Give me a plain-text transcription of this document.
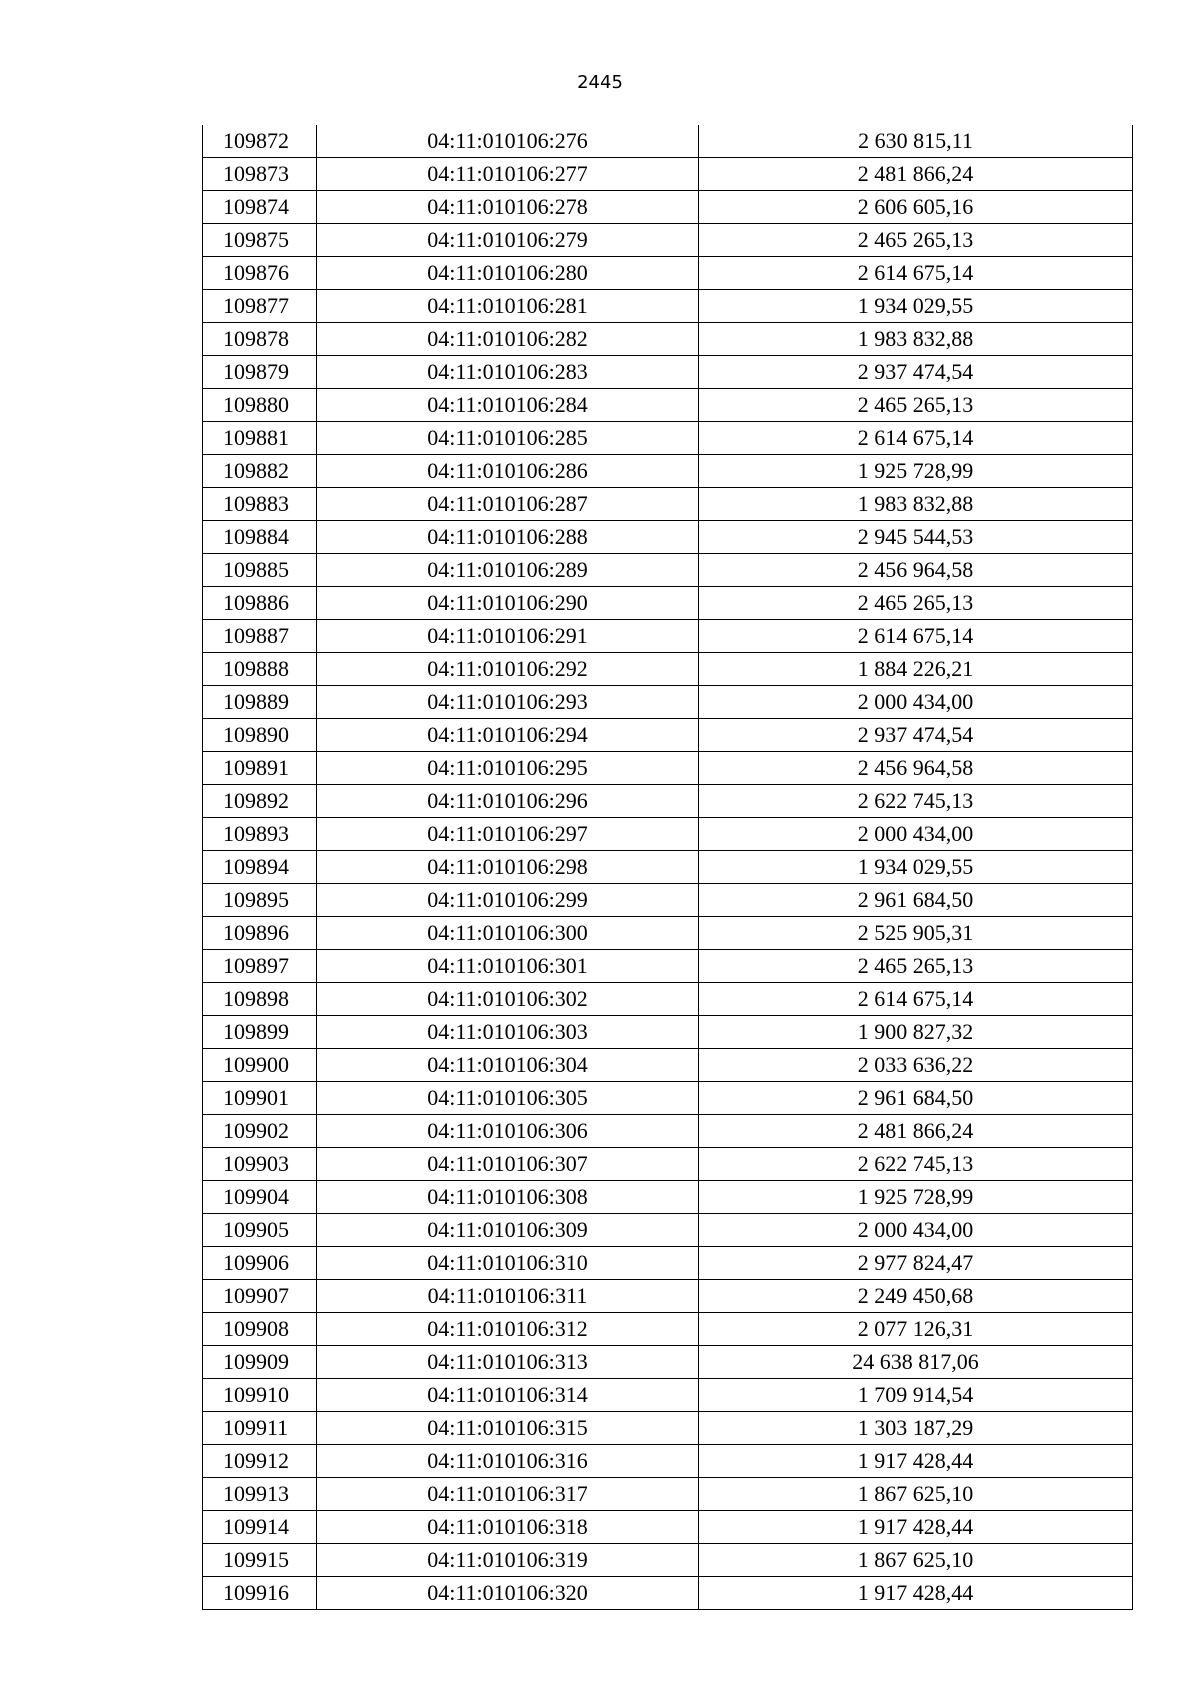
2445
109872	04:11:010106:276	2 630 815,11
109873	04:11:010106:277	2 481 866,24
109874	04:11:010106:278	2 606 605,16
109875	04:11:010106:279	2 465 265,13
109876	04:11:010106:280	2 614 675,14
109877	04:11:010106:281	1 934 029,55
109878	04:11:010106:282	1 983 832,88
109879	04:11:010106:283	2 937 474,54
109880	04:11:010106:284	2 465 265,13
109881	04:11:010106:285	2 614 675,14
109882	04:11:010106:286	1 925 728,99
109883	04:11:010106:287	1 983 832,88
109884	04:11:010106:288	2 945 544,53
109885	04:11:010106:289	2 456 964,58
109886	04:11:010106:290	2 465 265,13
109887	04:11:010106:291	2 614 675,14
109888	04:11:010106:292	1 884 226,21
109889	04:11:010106:293	2 000 434,00
109890	04:11:010106:294	2 937 474,54
109891	04:11:010106:295	2 456 964,58
109892	04:11:010106:296	2 622 745,13
109893	04:11:010106:297	2 000 434,00
109894	04:11:010106:298	1 934 029,55
109895	04:11:010106:299	2 961 684,50
109896	04:11:010106:300	2 525 905,31
109897	04:11:010106:301	2 465 265,13
109898	04:11:010106:302	2 614 675,14
109899	04:11:010106:303	1 900 827,32
109900	04:11:010106:304	2 033 636,22
109901	04:11:010106:305	2 961 684,50
109902	04:11:010106:306	2 481 866,24
109903	04:11:010106:307	2 622 745,13
109904	04:11:010106:308	1 925 728,99
109905	04:11:010106:309	2 000 434,00
109906	04:11:010106:310	2 977 824,47
109907	04:11:010106:311	2 249 450,68
109908	04:11:010106:312	2 077 126,31
109909	04:11:010106:313	24 638 817,06
109910	04:11:010106:314	1 709 914,54
109911	04:11:010106:315	1 303 187,29
109912	04:11:010106:316	1 917 428,44
109913	04:11:010106:317	1 867 625,10
109914	04:11:010106:318	1 917 428,44
109915	04:11:010106:319	1 867 625,10
109916	04:11:010106:320	1 917 428,44
